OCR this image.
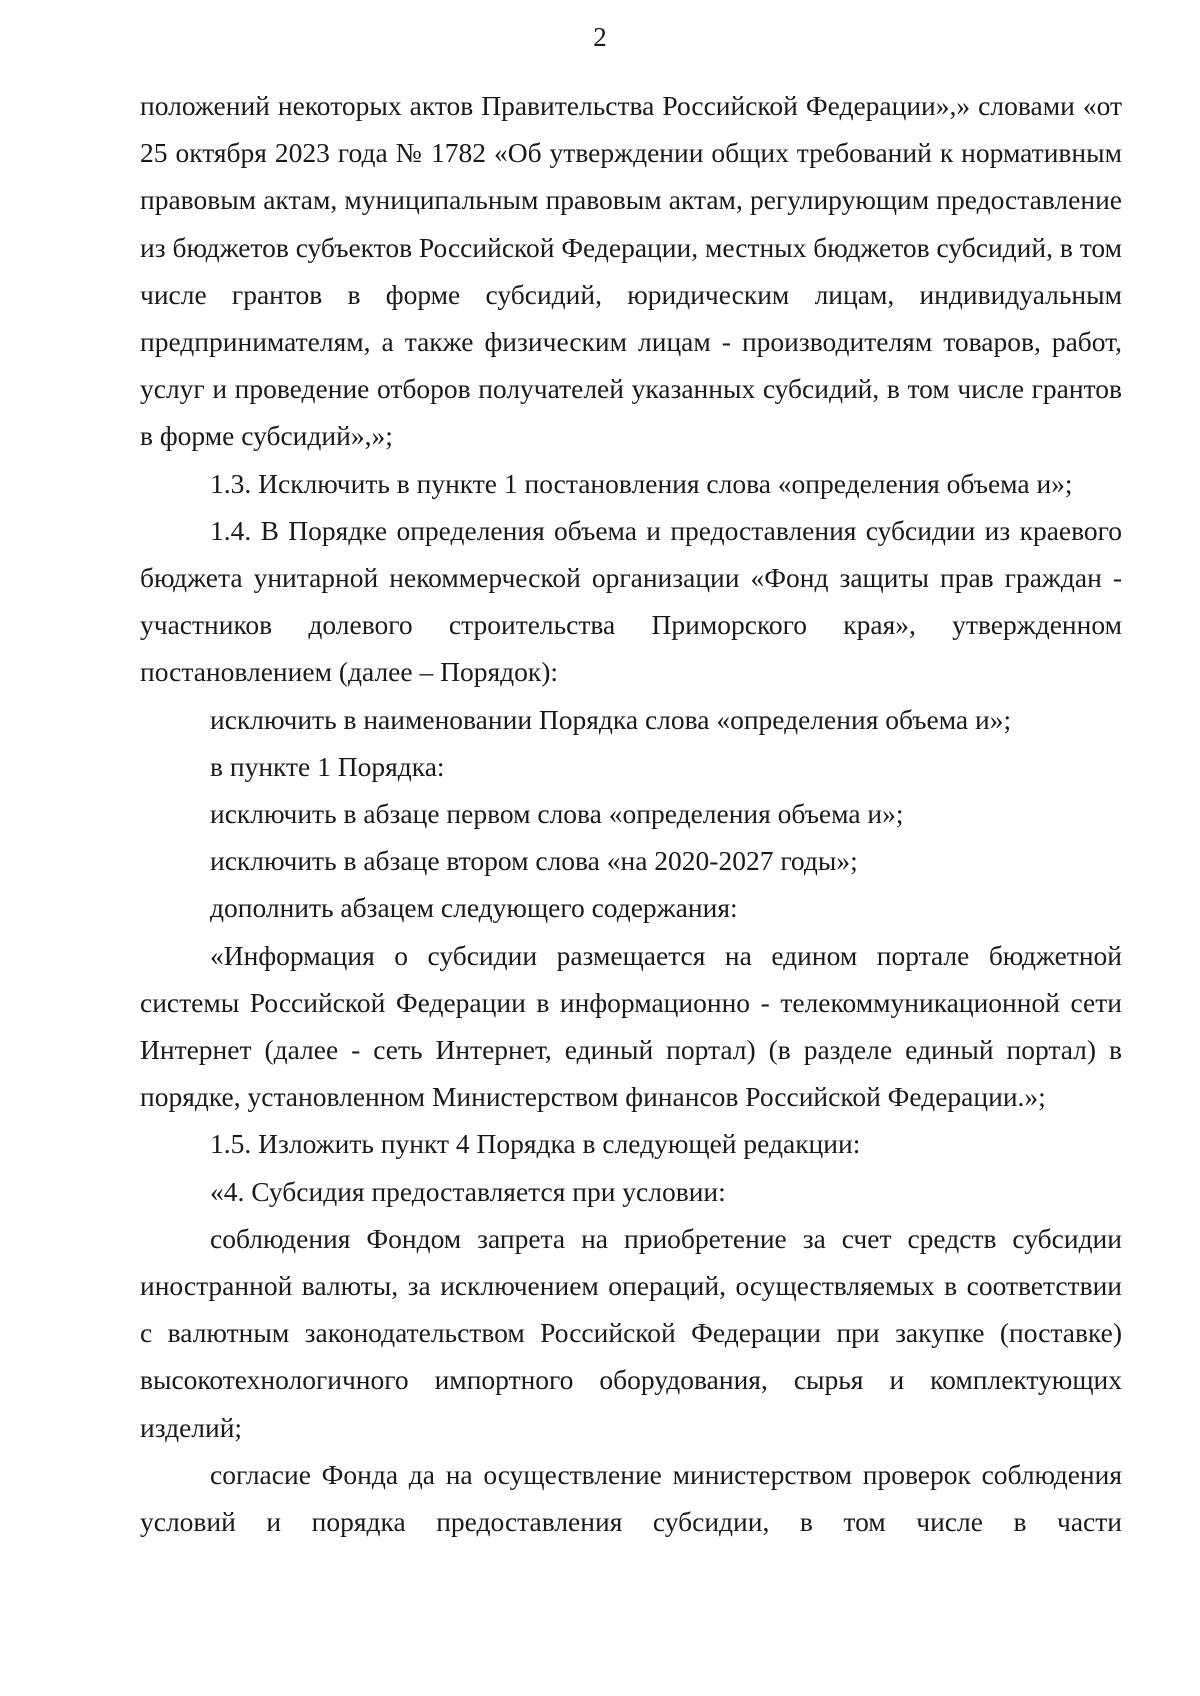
2

положений некоторых актов Правительства Российской Федерации»,» словами «от 25 октября 2023 года № 1782 «Об утверждении общих требований к нормативным правовым актам, муниципальным правовым актам, регулирующим предоставление из бюджетов субъектов Российской Федерации, местных бюджетов субсидий, в том числе грантов в форме субсидий, юридическим лицам, индивидуальным предпринимателям, а также физическим лицам - производителям товаров, работ, услуг и проведение отборов получателей указанных субсидий, в том числе грантов в форме субсидий»,»;

1.3. Исключить в пункте 1 постановления слова «определения объема и»;

1.4. В Порядке определения объема и предоставления субсидии из краевого бюджета унитарной некоммерческой организации «Фонд защиты прав граждан - участников долевого строительства Приморского края», утвержденном постановлением (далее – Порядок):

исключить в наименовании Порядка слова «определения объема и»;

в пункте 1 Порядка:

исключить в абзаце первом слова «определения объема и»;

исключить в абзаце втором слова «на 2020-2027 годы»;

дополнить абзацем следующего содержания:

«Информация о субсидии размещается на едином портале бюджетной системы Российской Федерации в информационно - телекоммуникационной сети Интернет (далее - сеть Интернет, единый портал) (в разделе единый портал) в порядке, установленном Министерством финансов Российской Федерации.»;

1.5. Изложить пункт 4 Порядка в следующей редакции:

«4. Субсидия предоставляется при условии:

соблюдения Фондом запрета на приобретение за счет средств субсидии иностранной валюты, за исключением операций, осуществляемых в соответствии с валютным законодательством Российской Федерации при закупке (поставке) высокотехнологичного импортного оборудования, сырья и комплектующих изделий;

согласие Фонда да на осуществление министерством проверок соблюдения условий и порядка предоставления субсидии, в том числе в части
